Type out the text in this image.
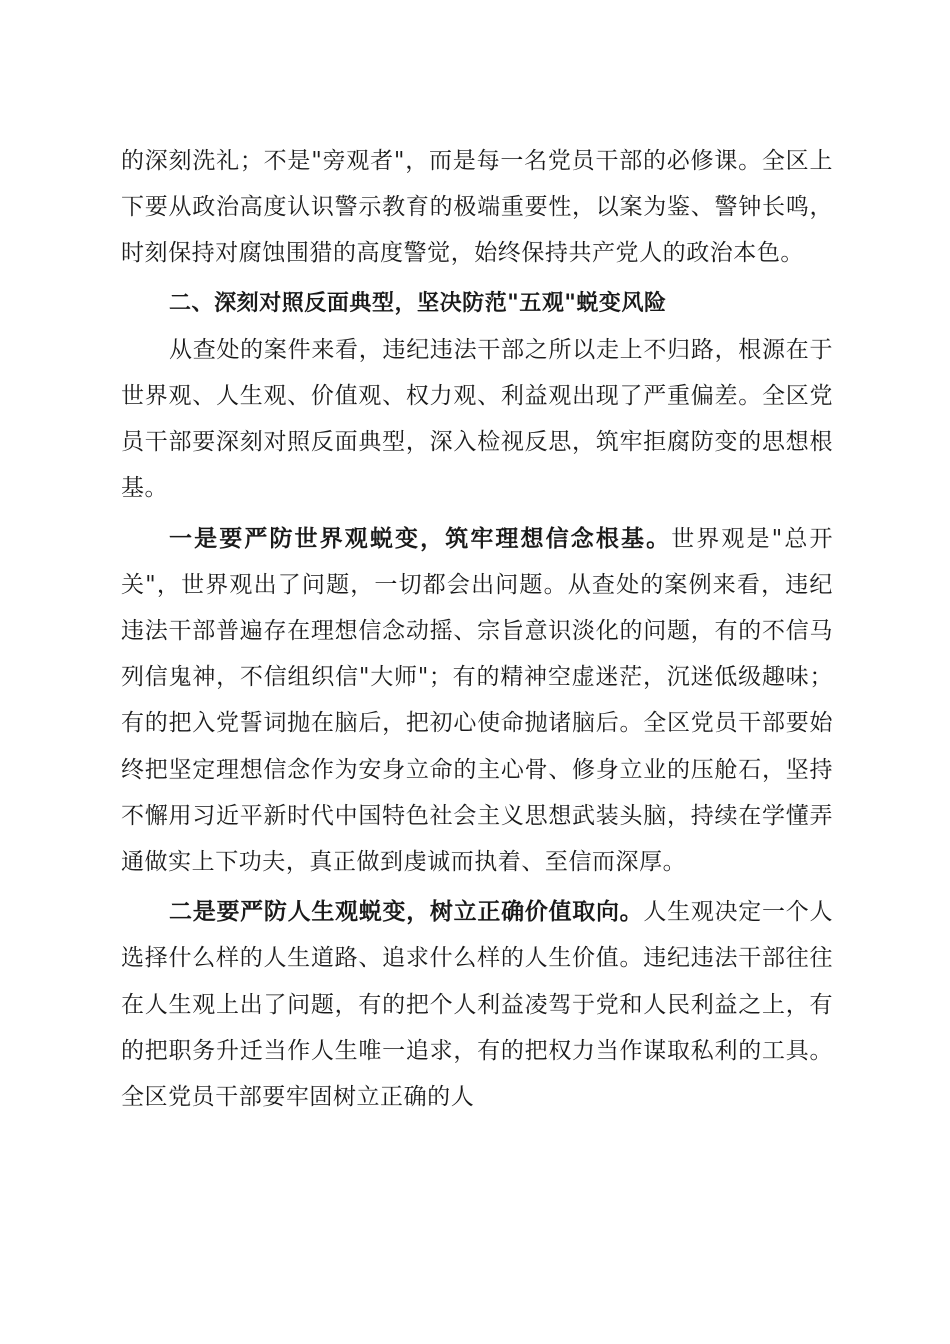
的深刻洗礼；不是"旁观者"，而是每一名党员干部的必修课。全区上下要从政治高度认识警示教育的极端重要性，以案为鉴、警钟长鸣，时刻保持对腐蚀围猎的高度警觉，始终保持共产党人的政治本色。

二、深刻对照反面典型，坚决防范"五观"蜕变风险

从查处的案件来看，违纪违法干部之所以走上不归路，根源在于世界观、人生观、价值观、权力观、利益观出现了严重偏差。全区党员干部要深刻对照反面典型，深入检视反思，筑牢拒腐防变的思想根基。

一是要严防世界观蜕变，筑牢理想信念根基。世界观是"总开关"，世界观出了问题，一切都会出问题。从查处的案例来看，违纪违法干部普遍存在理想信念动摇、宗旨意识淡化的问题，有的不信马列信鬼神，不信组织信"大师"；有的精神空虚迷茫，沉迷低级趣味；有的把入党誓词抛在脑后，把初心使命抛诸脑后。全区党员干部要始终把坚定理想信念作为安身立命的主心骨、修身立业的压舱石，坚持不懈用习近平新时代中国特色社会主义思想武装头脑，持续在学懂弄通做实上下功夫，真正做到虔诚而执着、至信而深厚。

二是要严防人生观蜕变，树立正确价值取向。人生观决定一个人选择什么样的人生道路、追求什么样的人生价值。违纪违法干部往往在人生观上出了问题，有的把个人利益凌驾于党和人民利益之上，有的把职务升迁当作人生唯一追求，有的把权力当作谋取私利的工具。全区党员干部要牢固树立正确的人
